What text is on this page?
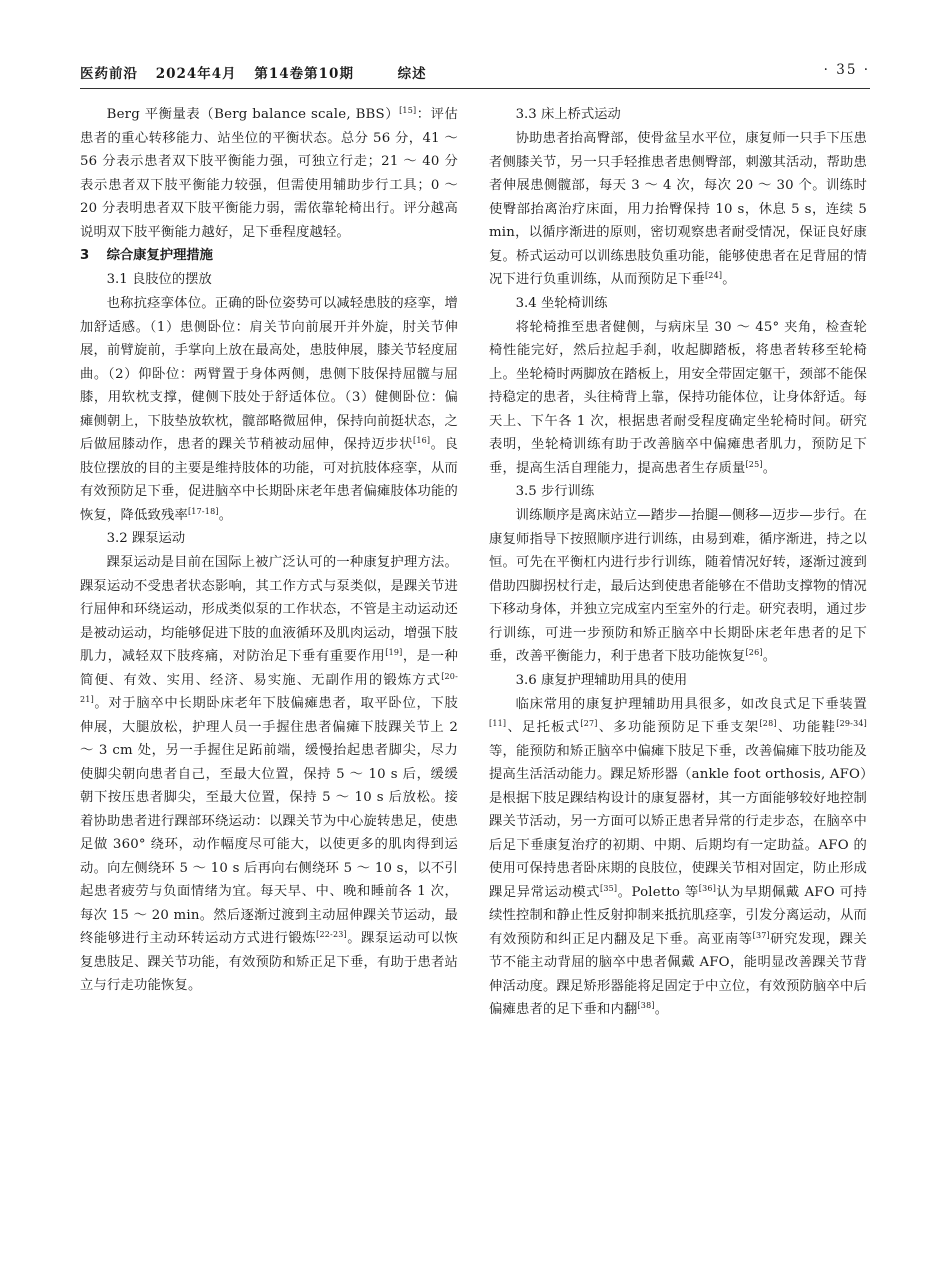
医药前沿 2024年4月 第14卷第10期	综述	· 35 ·

Berg 平衡量表（Berg balance scale, BBS）[15]：评估患者的重心转移能力、站坐位的平衡状态。总分 56 分，41 ～ 56 分表示患者双下肢平衡能力强，可独立行走；21 ～ 40 分表示患者双下肢平衡能力较强，但需使用辅助步行工具；0 ～ 20 分表明患者双下肢平衡能力弱，需依靠轮椅出行。评分越高说明双下肢平衡能力越好，足下垂程度越轻。

3 综合康复护理措施
3.1 良肢位的摆放

也称抗痉挛体位。正确的卧位姿势可以减轻患肢的痉挛，增加舒适感。（1）患侧卧位：肩关节向前展开并外旋，肘关节伸展，前臂旋前，手掌向上放在最高处，患肢伸展，膝关节轻度屈曲。（2）仰卧位：两臂置于身体两侧，患侧下肢保持屈髋与屈膝，用软枕支撑，健侧下肢处于舒适体位。（3）健侧卧位：偏瘫侧朝上，下肢垫放软枕，髋部略微屈伸，保持向前挺状态，之后做屈膝动作，患者的踝关节稍被动屈伸，保持迈步状[16]。良肢位摆放的目的主要是维持肢体的功能，可对抗肢体痉挛，从而有效预防足下垂，促进脑卒中长期卧床老年患者偏瘫肢体功能的恢复，降低致残率[17-18]。

3.2 踝泵运动

踝泵运动是目前在国际上被广泛认可的一种康复护理方法。踝泵运动不受患者状态影响，其工作方式与泵类似，是踝关节进行屈伸和环绕运动，形成类似泵的工作状态，不管是主动运动还是被动运动，均能够促进下肢的血液循环及肌肉运动，增强下肢肌力，减轻双下肢疼痛，对防治足下垂有重要作用[19]，是一种简便、有效、实用、经济、易实施、无副作用的锻炼方式[20-21]。对于脑卒中长期卧床老年下肢偏瘫患者，取平卧位，下肢伸展，大腿放松，护理人员一手握住患者偏瘫下肢踝关节上 2 ～ 3 cm 处，另一手握住足跖前端，缓慢抬起患者脚尖，尽力使脚尖朝向患者自己，至最大位置，保持 5 ～ 10 s 后，缓缓朝下按压患者脚尖，至最大位置，保持 5 ～ 10 s 后放松。接着协助患者进行踝部环绕运动：以踝关节为中心旋转患足，使患足做 360° 绕环，动作幅度尽可能大，以使更多的肌肉得到运动。向左侧绕环 5 ～ 10 s 后再向右侧绕环 5 ～ 10 s，以不引起患者疲劳与负面情绪为宜。每天早、中、晚和睡前各 1 次，每次 15 ～ 20 min。然后逐渐过渡到主动屈伸踝关节运动，最终能够进行主动环转运动方式进行锻炼[22-23]。踝泵运动可以恢复患肢足、踝关节功能，有效预防和矫正足下垂，有助于患者站立与行走功能恢复。

3.3 床上桥式运动

协助患者抬高臀部，使骨盆呈水平位，康复师一只手下压患者侧膝关节，另一只手轻推患者患侧臀部，刺激其活动，帮助患者伸展患侧髋部，每天 3 ～ 4 次，每次 20 ～ 30 个。训练时使臀部抬离治疗床面，用力抬臀保持 10 s，休息 5 s，连续 5 min，以循序渐进的原则，密切观察患者耐受情况，保证良好康复。桥式运动可以训练患肢负重功能，能够使患者在足背屈的情况下进行负重训练，从而预防足下垂[24]。

3.4 坐轮椅训练

将轮椅推至患者健侧，与病床呈 30 ～ 45° 夹角，检查轮椅性能完好，然后拉起手刹，收起脚踏板，将患者转移至轮椅上。坐轮椅时两脚放在踏板上，用安全带固定躯干，颈部不能保持稳定的患者，头往椅背上靠，保持功能体位，让身体舒适。每天上、下午各 1 次，根据患者耐受程度确定坐轮椅时间。研究表明，坐轮椅训练有助于改善脑卒中偏瘫患者肌力，预防足下垂，提高生活自理能力，提高患者生存质量[25]。

3.5 步行训练

训练顺序是离床站立—踏步—抬腿—侧移—迈步—步行。在康复师指导下按照顺序进行训练，由易到难，循序渐进，持之以恒。可先在平衡杠内进行步行训练，随着情况好转，逐渐过渡到借助四脚拐杖行走，最后达到使患者能够在不借助支撑物的情况下移动身体，并独立完成室内至室外的行走。研究表明，通过步行训练，可进一步预防和矫正脑卒中长期卧床老年患者的足下垂，改善平衡能力，利于患者下肢功能恢复[26]。

3.6 康复护理辅助用具的使用

临床常用的康复护理辅助用具很多，如改良式足下垂装置[11]、足托板式[27]、多功能预防足下垂支架[28]、功能鞋[29-34]等，能预防和矫正脑卒中偏瘫下肢足下垂，改善偏瘫下肢功能及提高生活活动能力。踝足矫形器（ankle foot orthosis, AFO）是根据下肢足踝结构设计的康复器材，其一方面能够较好地控制踝关节活动，另一方面可以矫正患者异常的行走步态，在脑卒中后足下垂康复治疗的初期、中期、后期均有一定助益。AFO 的使用可保持患者卧床期的良肢位，使踝关节相对固定，防止形成踝足异常运动模式[35]。Poletto 等[36]认为早期佩戴 AFO 可持续性控制和静止性反射抑制来抵抗肌痉挛，引发分离运动，从而有效预防和纠正足内翻及足下垂。高亚南等[37]研究发现，踝关节不能主动背屈的脑卒中患者佩戴 AFO，能明显改善踝关节背伸活动度。踝足矫形器能将足固定于中立位，有效预防脑卒中后偏瘫患者的足下垂和内翻[38]。
